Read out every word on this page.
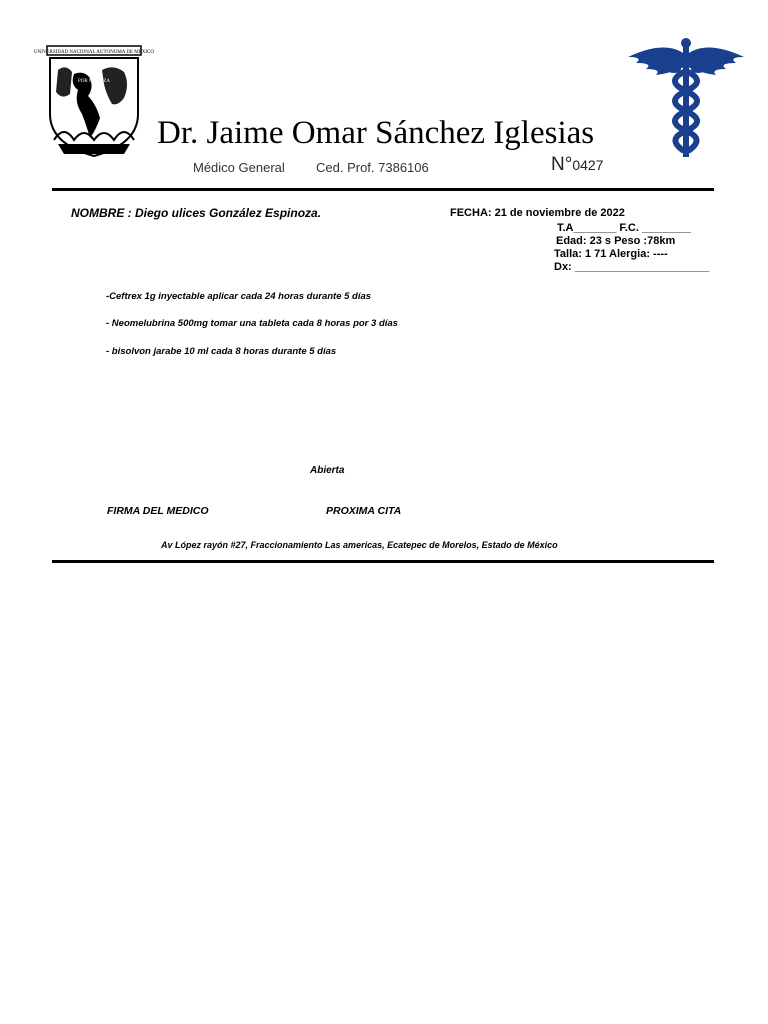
UNIVERSIDAD NACIONAL AUTONOMA DE MEXICO
POR MI RAZA
Dr. Jaime Omar Sánchez Iglesias
Médico General Ced. Prof. 7386106	N°0427
NOMBRE : Diego ulices González Espinoza.	FECHA: 21 de noviembre de 2022
T.A_______ F.C. ________
Edad: 23 s Peso :78km
Talla: 1 71 Alergia: ----
Dx: ______________________
-Ceftrex 1g inyectable aplicar cada 24 horas durante 5 días
- Neomelubrina 500mg tomar una tableta cada 8 horas por 3 días
- bisolvon jarabe 10 ml cada 8 horas durante 5 días
Abierta
FIRMA DEL MEDICO	PROXIMA CITA
Av López rayón #27, Fraccionamiento Las americas, Ecatepec de Morelos, Estado de México
